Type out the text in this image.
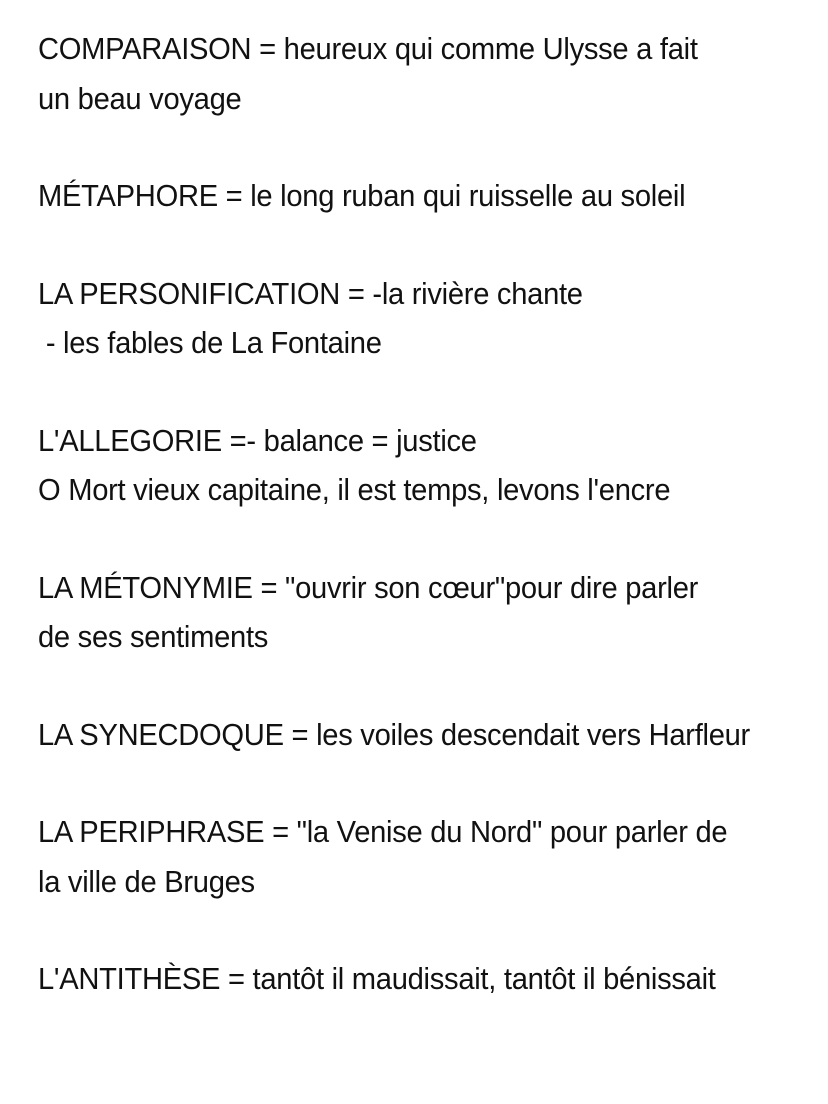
COMPARAISON = heureux qui comme Ulysse a fait
un beau voyage
MÉTAPHORE = le long ruban qui ruisselle au soleil
LA PERSONIFICATION = -la rivière chante
- les fables de La Fontaine
L'ALLEGORIE =- balance = justice
O Mort vieux capitaine, il est temps, levons l'encre
LA MÉTONYMIE = "ouvrir son cœur"pour dire parler
de ses sentiments
LA SYNECDOQUE = les voiles descendait vers Harfleur
LA PERIPHRASE = "la Venise du Nord" pour parler de
la ville de Bruges
L'ANTITHÈSE = tantôt il maudissait, tantôt il bénissait
